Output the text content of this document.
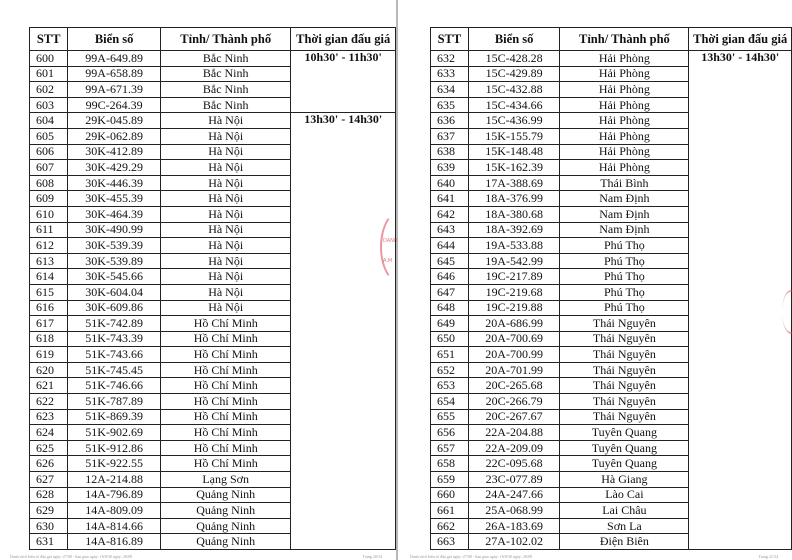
STT	Biển số	Tỉnh/ Thành phố	Thời gian đấu giá
600	99A-649.89	Bắc Ninh	10h30' - 11h30'
601	99A-658.89	Bắc Ninh	
602	99A-671.39	Bắc Ninh	
603	99C-264.39	Bắc Ninh	
604	29K-045.89	Hà Nội	13h30' - 14h30'
605	29K-062.89	Hà Nội	
606	30K-412.89	Hà Nội	
607	30K-429.29	Hà Nội	
608	30K-446.39	Hà Nội	
609	30K-455.39	Hà Nội	
610	30K-464.39	Hà Nội	
611	30K-490.99	Hà Nội	
612	30K-539.39	Hà Nội	
613	30K-539.89	Hà Nội	
614	30K-545.66	Hà Nội	
615	30K-604.04	Hà Nội	
616	30K-609.86	Hà Nội	
617	51K-742.89	Hồ Chí Minh	
618	51K-743.39	Hồ Chí Minh	
619	51K-743.66	Hồ Chí Minh	
620	51K-745.45	Hồ Chí Minh	
621	51K-746.66	Hồ Chí Minh	
622	51K-787.89	Hồ Chí Minh	
623	51K-869.39	Hồ Chí Minh	
624	51K-902.69	Hồ Chí Minh	
625	51K-912.86	Hồ Chí Minh	
626	51K-922.55	Hồ Chí Minh	
627	12A-214.88	Lạng Sơn	
628	14A-796.89	Quảng Ninh	
629	14A-809.09	Quảng Ninh	
630	14A-814.66	Quảng Ninh	
631	14A-816.89	Quảng Ninh	
Danh sách biển số đấu giá ngày: 27/08 - ban giao ngày: 16/8/30 ngày: 26/08	Trang 20/34
DANH
A.M
STT	Biển số	Tỉnh/ Thành phố	Thời gian đấu giá
632	15C-428.28	Hải Phòng	13h30' - 14h30'
633	15C-429.89	Hải Phòng	
634	15C-432.88	Hải Phòng	
635	15C-434.66	Hải Phòng	
636	15C-436.99	Hải Phòng	
637	15K-155.79	Hải Phòng	
638	15K-148.48	Hải Phòng	
639	15K-162.39	Hải Phòng	
640	17A-388.69	Thái Bình	
641	18A-376.99	Nam Định	
642	18A-380.68	Nam Định	
643	18A-392.69	Nam Định	
644	19A-533.88	Phú Thọ	
645	19A-542.99	Phú Thọ	
646	19C-217.89	Phú Thọ	
647	19C-219.68	Phú Thọ	
648	19C-219.88	Phú Thọ	
649	20A-686.99	Thái Nguyên	
650	20A-700.69	Thái Nguyên	
651	20A-700.99	Thái Nguyên	
652	20A-701.99	Thái Nguyên	
653	20C-265.68	Thái Nguyên	
654	20C-266.79	Thái Nguyên	
655	20C-267.67	Thái Nguyên	
656	22A-204.88	Tuyên Quang	
657	22A-209.09	Tuyên Quang	
658	22C-095.68	Tuyên Quang	
659	23C-077.89	Hà Giang	
660	24A-247.66	Lào Cai	
661	25A-068.99	Lai Châu	
662	26A-183.69	Sơn La	
663	27A-102.02	Điện Biên	
Danh sách biển số đấu giá ngày: 27/08 - ban giao ngày: 16/8/30 ngày: 26/08	Trang 21/34
